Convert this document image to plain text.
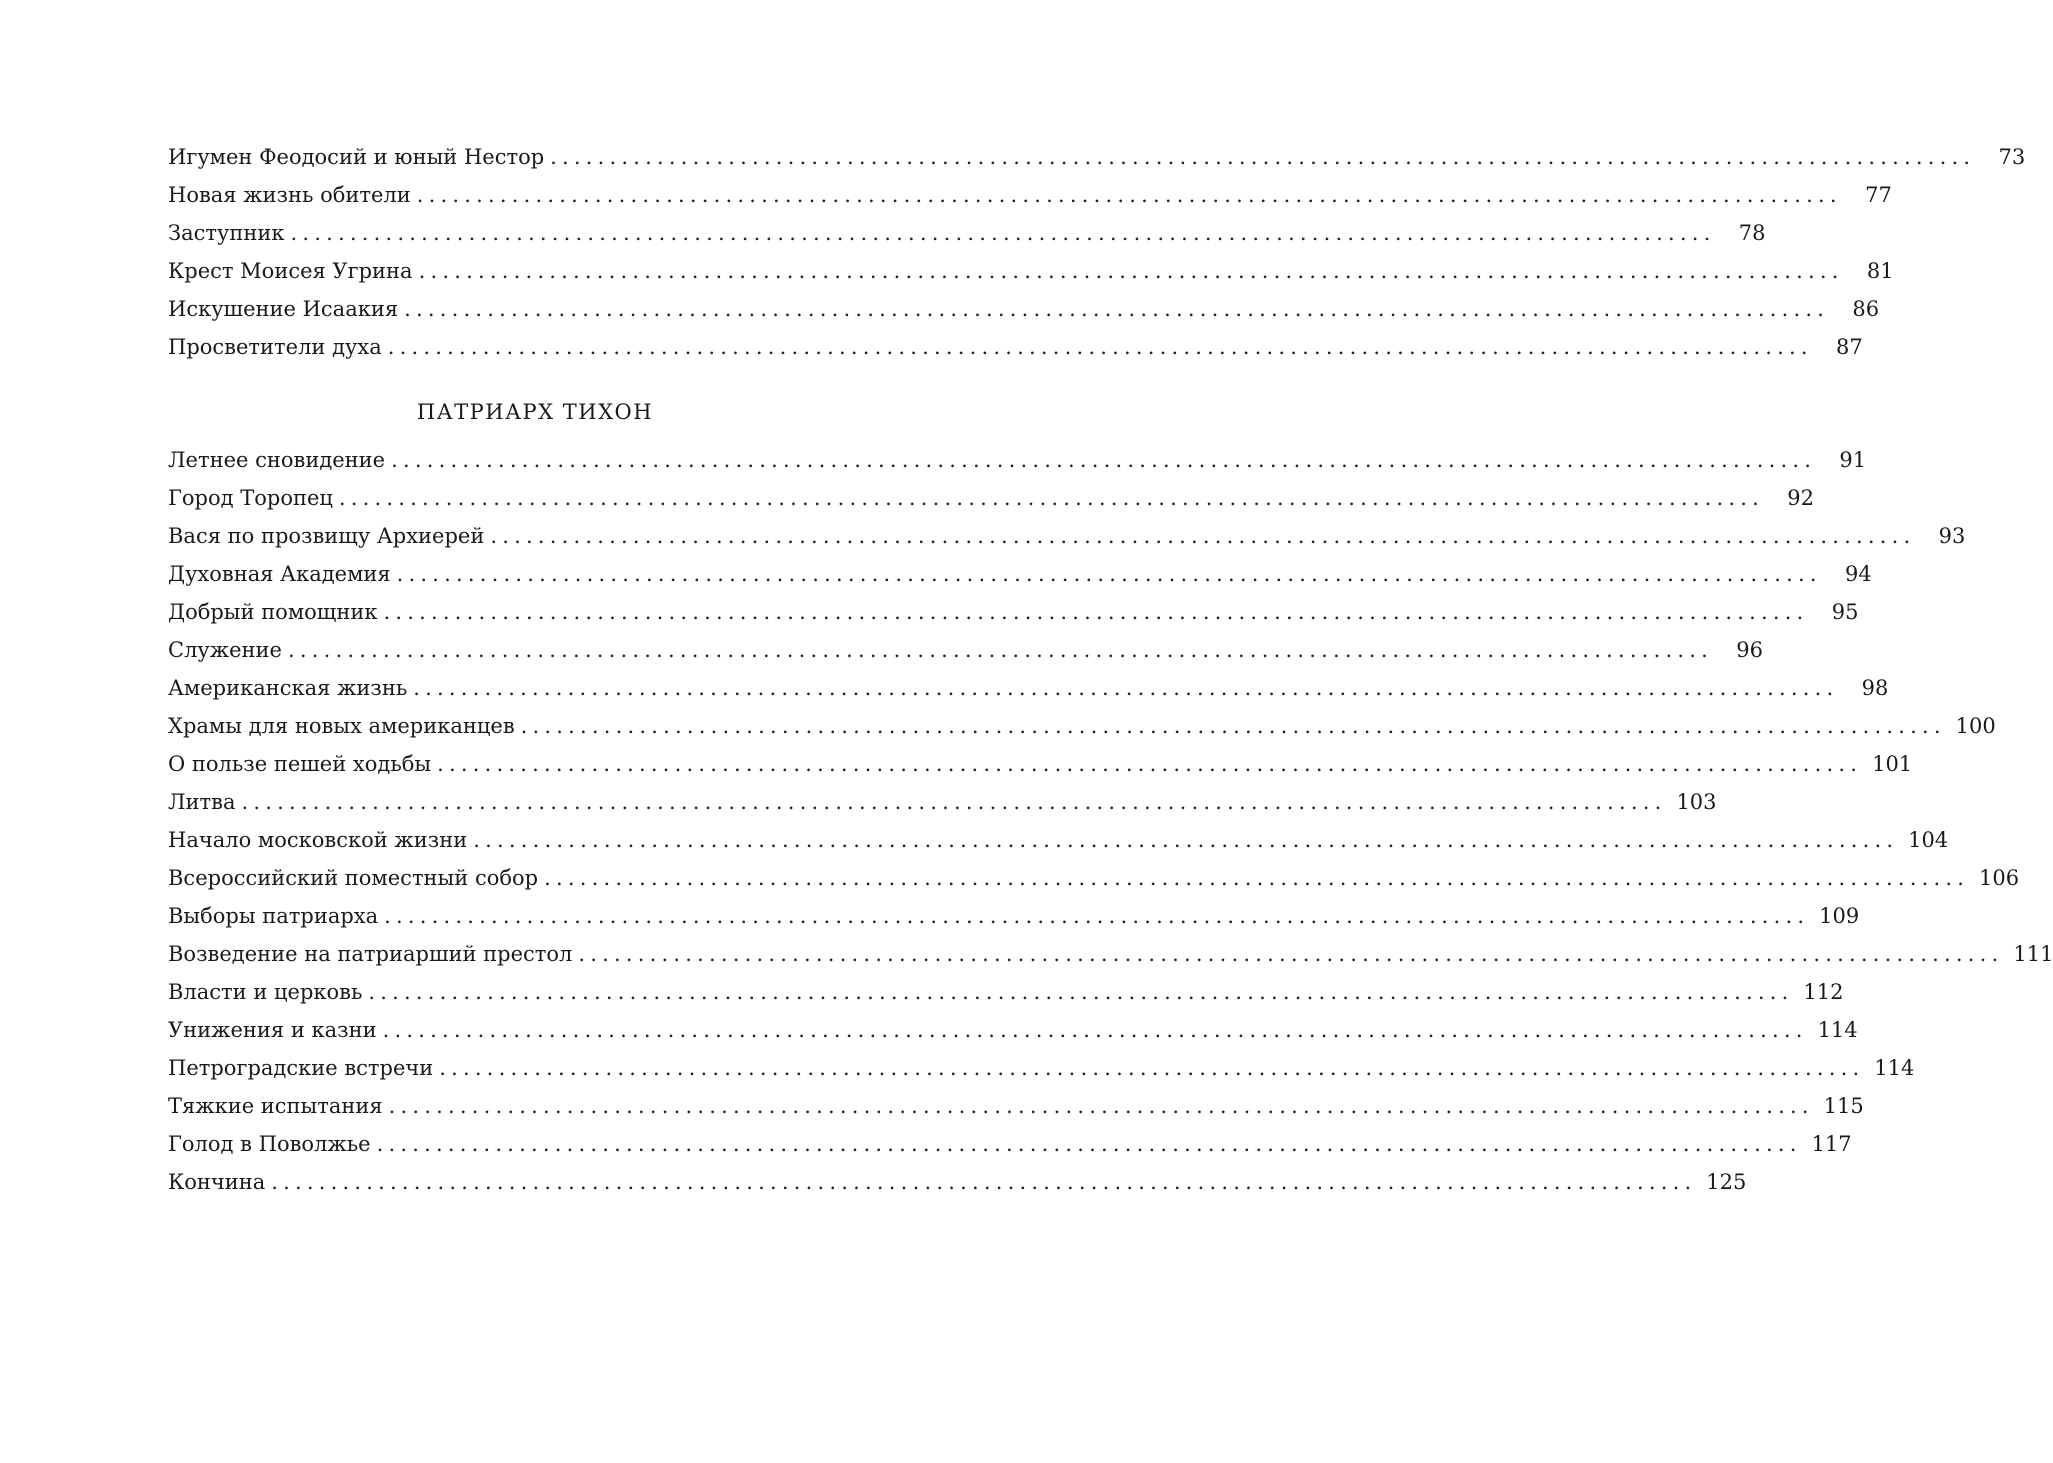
Игумен Феодосий и юный Нестор ........................................................................................................................	73
Новая жизнь обители ........................................................................................................................	77
Заступник ........................................................................................................................	78
Крест Моисея Угрина ........................................................................................................................	81
Искушение Исаакия ........................................................................................................................	86
Просветители духа ........................................................................................................................	87
ПАТРИАРХ ТИХОН
Летнее сновидение ........................................................................................................................	91
Город Торопец ........................................................................................................................	92
Вася по прозвищу Архиерей ........................................................................................................................	93
Духовная Академия ........................................................................................................................	94
Добрый помощник ........................................................................................................................	95
Служение ........................................................................................................................	96
Американская жизнь ........................................................................................................................	98
Храмы для новых американцев ........................................................................................................................ 100
О пользе пешей ходьбы ........................................................................................................................ 101
Литва ........................................................................................................................ 103
Начало московской жизни ........................................................................................................................ 104
Всероссийский поместный собор ........................................................................................................................ 106
Выборы патриарха ........................................................................................................................ 109
Возведение на патриарший престол ........................................................................................................................ 111
Власти и церковь ........................................................................................................................ 112
Унижения и казни ........................................................................................................................ 114
Петроградские встречи ........................................................................................................................ 114
Тяжкие испытания ........................................................................................................................ 115
Голод в Поволжье ........................................................................................................................ 117
Кончина ........................................................................................................................ 125
